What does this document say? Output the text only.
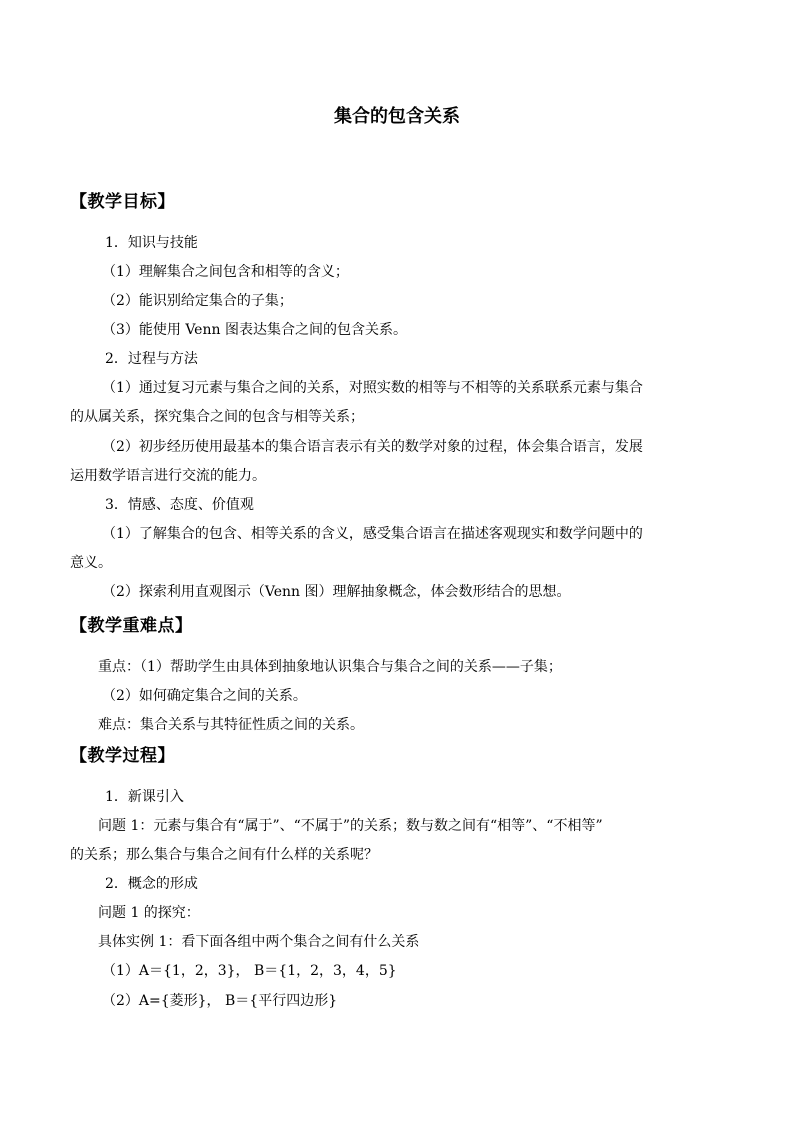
集合的包含关系
【教学目标】
1．知识与技能
（1）理解集合之间包含和相等的含义；
（2）能识别给定集合的子集；
（3）能使用 Venn 图表达集合之间的包含关系。
2．过程与方法
（1）通过复习元素与集合之间的关系，对照实数的相等与不相等的关系联系元素与集合
的从属关系，探究集合之间的包含与相等关系；
（2）初步经历使用最基本的集合语言表示有关的数学对象的过程，体会集合语言，发展
运用数学语言进行交流的能力。
3．情感、态度、价值观
（1）了解集合的包含、相等关系的含义，感受集合语言在描述客观现实和数学问题中的
意义。
（2）探索利用直观图示（Venn 图）理解抽象概念，体会数形结合的思想。
【教学重难点】
重点：（1）帮助学生由具体到抽象地认识集合与集合之间的关系——子集；
（2）如何确定集合之间的关系。
难点：集合关系与其特征性质之间的关系。
【教学过程】
1．新课引入
问题 1：元素与集合有“属于”、“不属于”的关系；数与数之间有“相等”、“不相等”
的关系；那么集合与集合之间有什么样的关系呢？
2．概念的形成
问题 1 的探究：
具体实例 1：看下面各组中两个集合之间有什么关系
（1）A＝{1，2，3}， B＝{1，2，3，4，5}
（2）A={菱形}， B＝{平行四边形}
